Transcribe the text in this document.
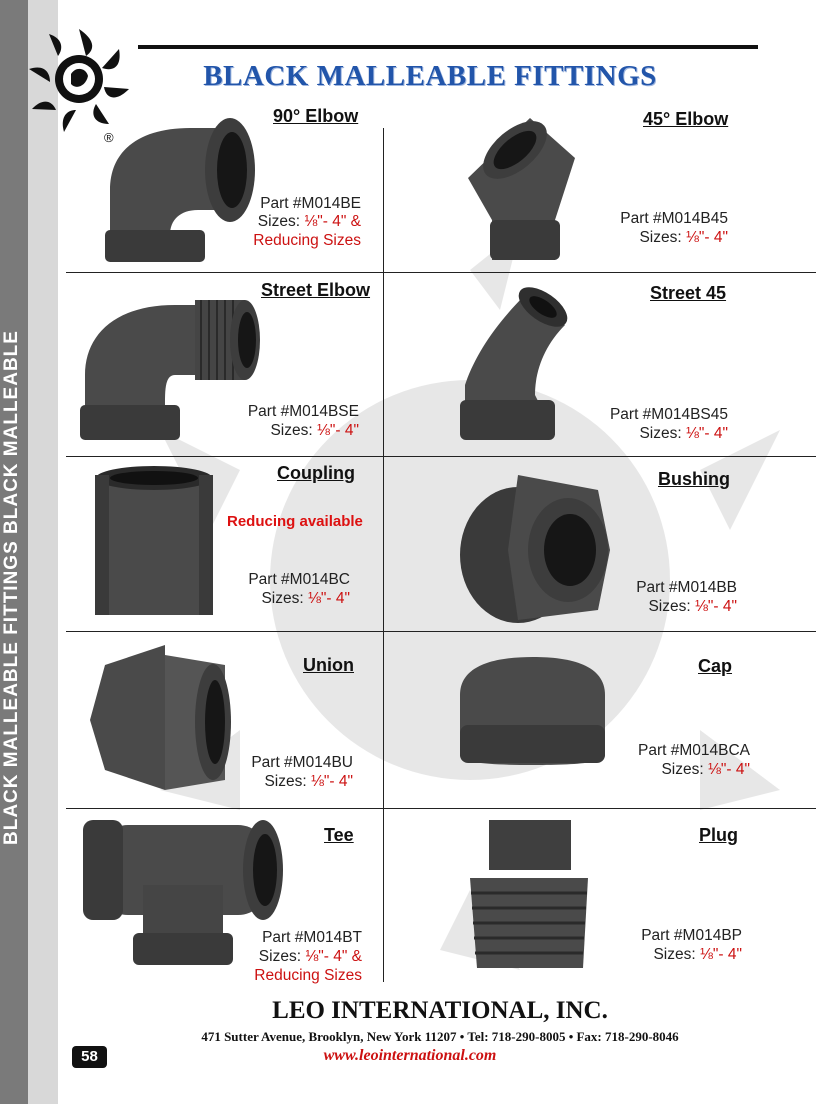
BLACK MALLEABLE FITTINGS BLACK MALLEABLE
®
BLACK MALLEABLE FITTINGS
90° Elbow
Part #M014BE
Sizes: ⅛"- 4" &
Reducing Sizes
45° Elbow
Part #M014B45
Sizes: ⅛"- 4"
Street Elbow
Part #M014BSE
Sizes: ⅛"- 4"
Street 45
Part #M014BS45
Sizes: ⅛"- 4"
Coupling
Reducing available
Part #M014BC
Sizes: ⅛"- 4"
Bushing
Part #M014BB
Sizes: ⅛"- 4"
Union
Part #M014BU
Sizes: ⅛"- 4"
Cap
Part #M014BCA
Sizes: ⅛"- 4"
Tee
Part #M014BT
Sizes: ⅛"- 4" &
Reducing Sizes
Plug
Part #M014BP
Sizes: ⅛"- 4"
LEO INTERNATIONAL, INC.
471 Sutter Avenue, Brooklyn, New York 11207 • Tel: 718-290-8005 • Fax: 718-290-8046
www.leointernational.com
58
